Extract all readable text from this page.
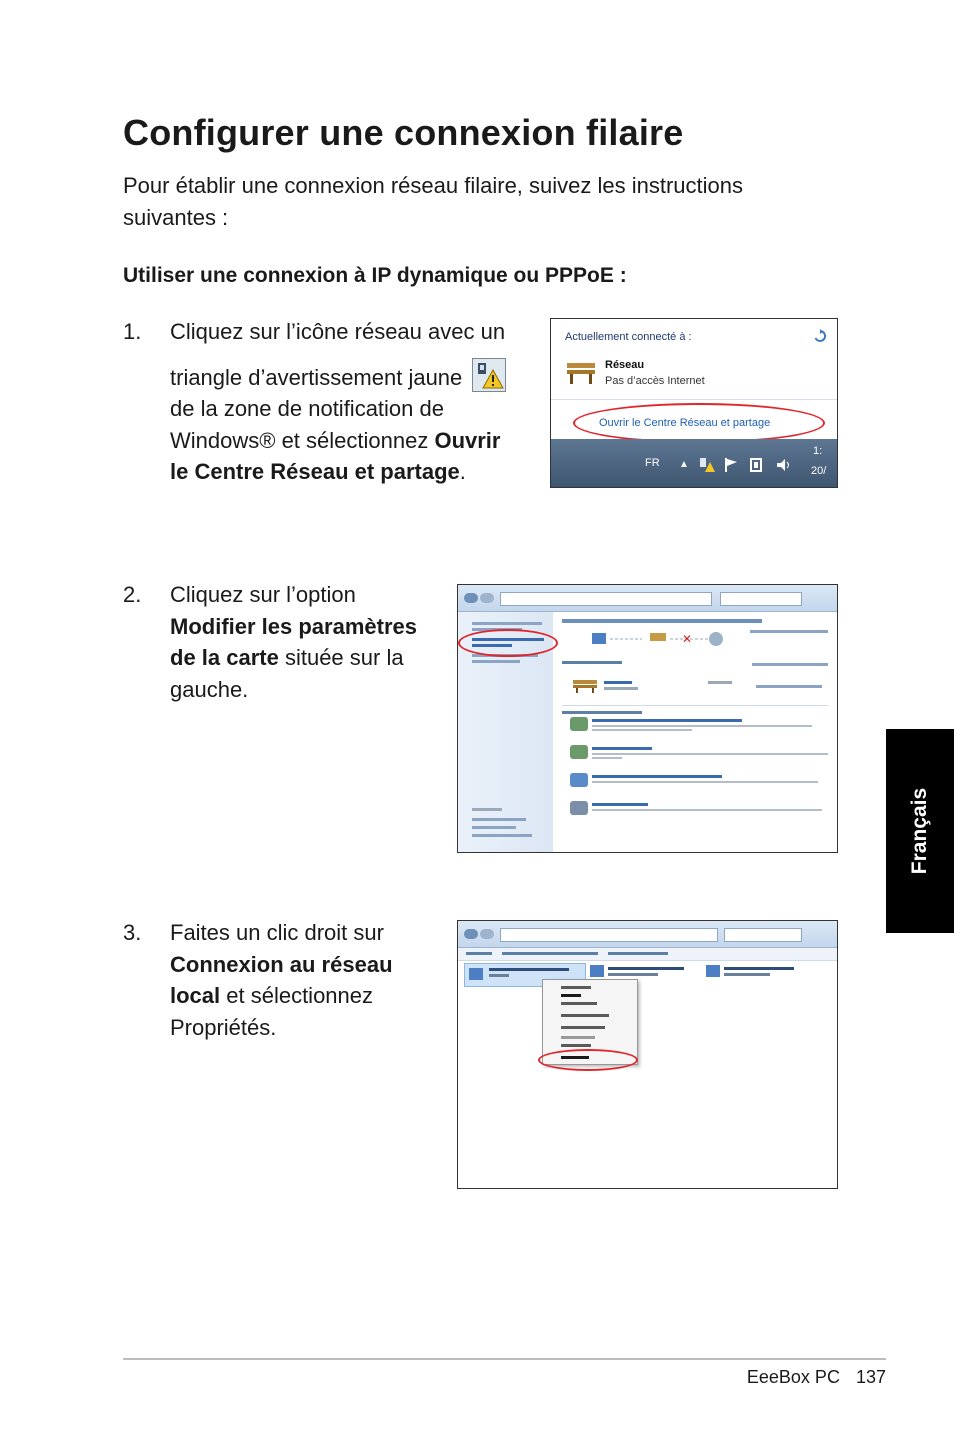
Configurer une connexion filaire
Pour établir une connexion réseau filaire, suivez les instructions suivantes :
Utiliser une connexion à IP dynamique ou PPPoE :
1. Cliquez sur l’icône réseau avec un
triangle d’avertissement jaune
de la zone de notification de
Windows® et sélectionnez Ouvrir
le Centre Réseau et partage.
Actuellement connecté à :
Réseau
Pas d’accès Internet
Ouvrir le Centre Réseau et partage
FR ▲
1:
20/
2. Cliquez sur l’option
Modifier les paramètres
de la carte située sur la
gauche.
✕
3. Faites un clic droit sur
Connexion au réseau
local et sélectionnez
Propriétés.
Français
EeeBox PC 137
